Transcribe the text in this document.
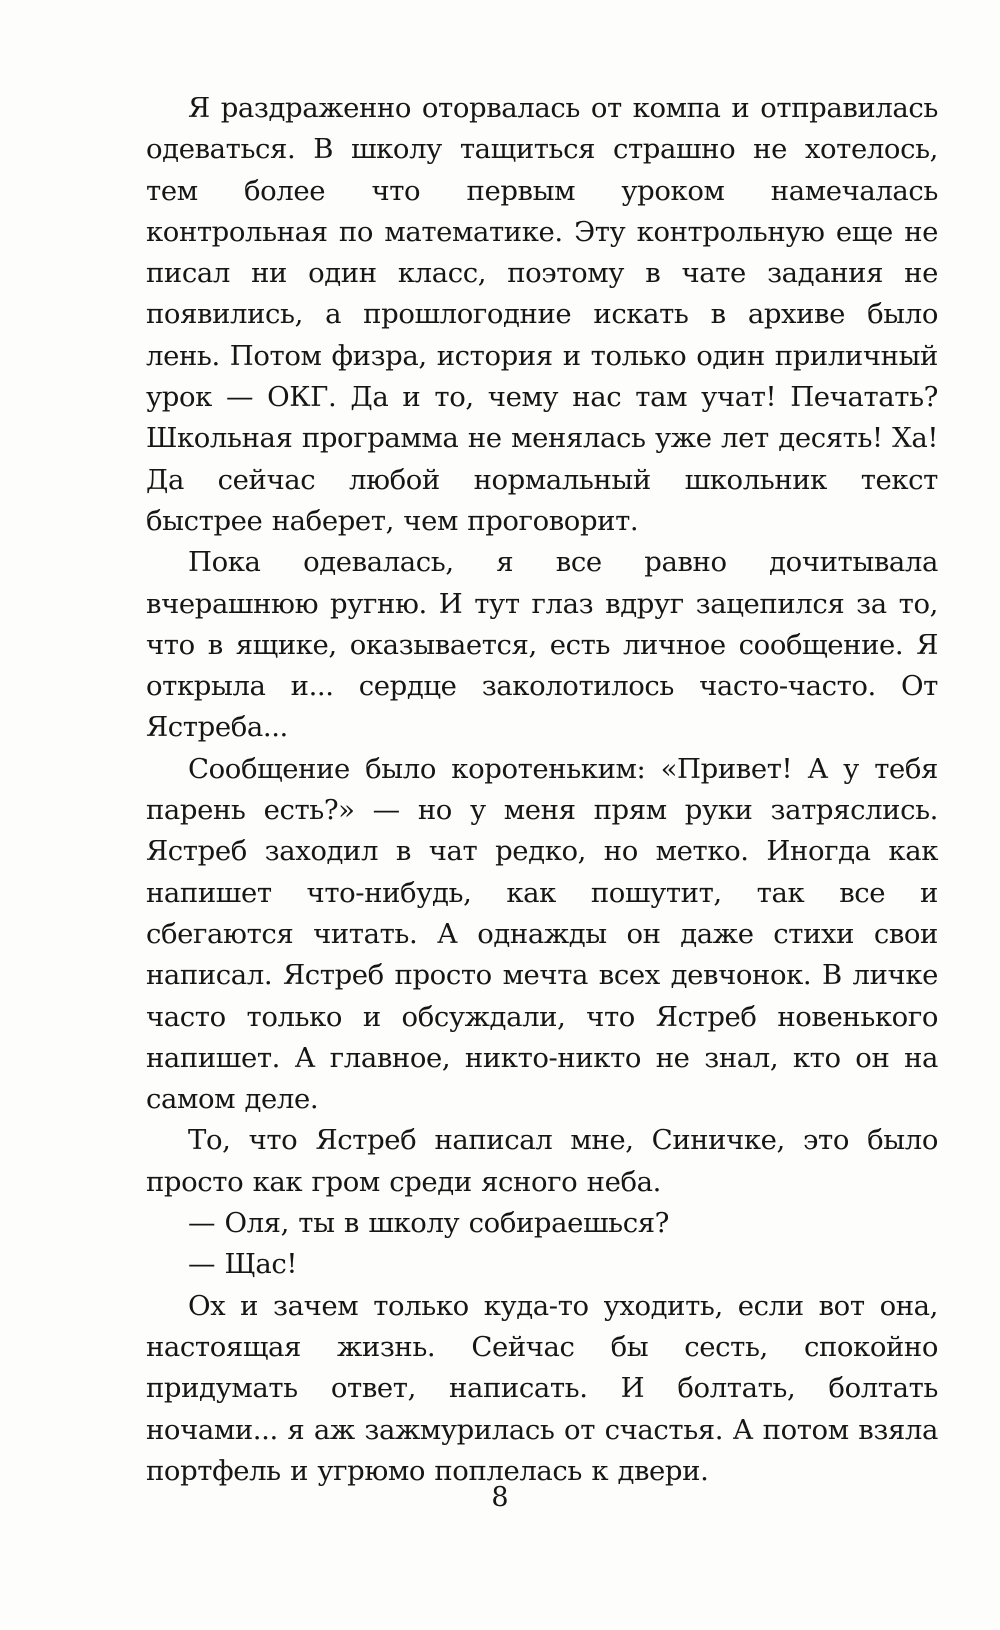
Я раздраженно оторвалась от компа и отправилась одеваться. В школу тащиться страшно не хотелось, тем более что первым уроком намечалась контрольная по математике. Эту контрольную еще не писал ни один класс, поэтому в чате задания не появились, а прошлогодние искать в архиве было лень. Потом физра, история и только один приличный урок — ОКГ. Да и то, чему нас там учат! Печатать? Школьная программа не менялась уже лет десять! Ха! Да сейчас любой нормальный школьник текст быстрее наберет, чем проговорит.

Пока одевалась, я все равно дочитывала вчерашнюю ругню. И тут глаз вдруг зацепился за то, что в ящике, оказывается, есть личное сообщение. Я открыла и... сердце заколотилось часто-часто. От Ястреба...

Сообщение было коротеньким: «Привет! А у тебя парень есть?» — но у меня прям руки затряслись. Ястреб заходил в чат редко, но метко. Иногда как напишет что-нибудь, как пошутит, так все и сбегаются читать. А однажды он даже стихи свои написал. Ястреб просто мечта всех девчонок. В личке часто только и обсуждали, что Ястреб новенького напишет. А главное, никто-никто не знал, кто он на самом деле.

То, что Ястреб написал мне, Синичке, это было просто как гром среди ясного неба.

— Оля, ты в школу собираешься?

— Щас!

Ох и зачем только куда-то уходить, если вот она, настоящая жизнь. Сейчас бы сесть, спокойно придумать ответ, написать. И болтать, болтать ночами... я аж зажмурилась от счастья. А потом взяла портфель и угрюмо поплелась к двери.

8
